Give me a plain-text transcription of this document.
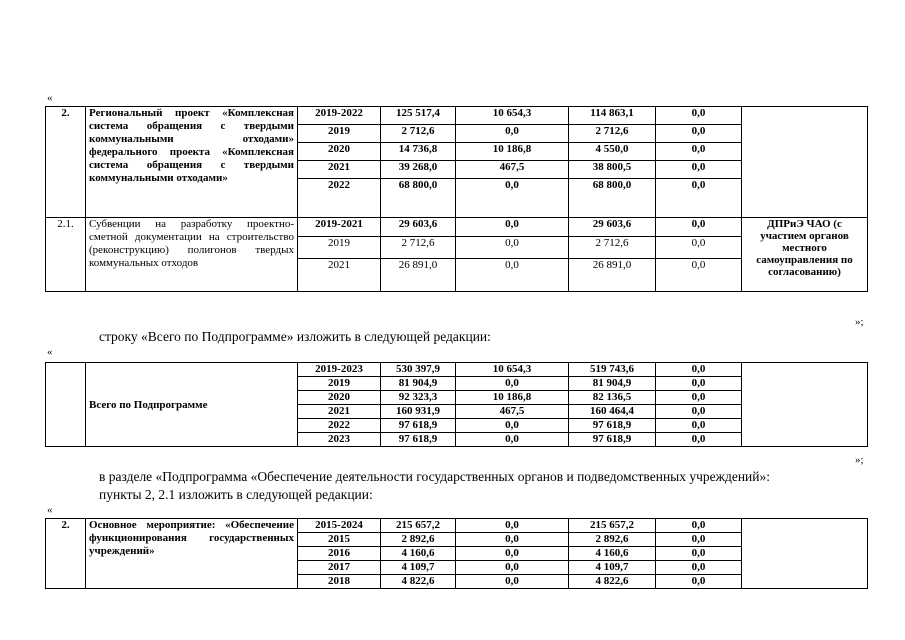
«
2.	Региональный проект «Комплексная система обращения с твердыми коммунальными отходами» федерального проекта «Комплексная система обращения с твердыми коммунальными отходами»	2019-2022	125 517,4	10 654,3	114 863,1	0,0	
		2019	2 712,6	0,0	2 712,6	0,0	
		2020	14 736,8	10 186,8	4 550,0	0,0	
		2021	39 268,0	467,5	38 800,5	0,0	
		2022	68 800,0	0,0	68 800,0	0,0	
2.1.	Субвенции на разработку проектно-сметной документации на строительство (реконструкцию) полигонов твердых коммунальных отходов	2019-2021	29 603,6	0,0	29 603,6	0,0	ДПРиЭ ЧАО (с участием органов местного самоуправления по согласованию)
		2019	2 712,6	0,0	2 712,6	0,0	
		2021	26 891,0	0,0	26 891,0	0,0	
»;
строку «Всего по Подпрограмме» изложить в следующей редакции:
«
	Всего по Подпрограмме	2019-2023	530 397,9	10 654,3	519 743,6	0,0	
		2019	81 904,9	0,0	81 904,9	0,0	
		2020	92 323,3	10 186,8	82 136,5	0,0	
		2021	160 931,9	467,5	160 464,4	0,0	
		2022	97 618,9	0,0	97 618,9	0,0	
		2023	97 618,9	0,0	97 618,9	0,0	
»;
в разделе «Подпрограмма «Обеспечение деятельности государственных органов и подведомственных учреждений»:
пункты 2, 2.1 изложить в следующей редакции:
«
2.	Основное мероприятие: «Обеспечение функционирования государственных учреждений»	2015-2024	215 657,2	0,0	215 657,2	0,0	
		2015	2 892,6	0,0	2 892,6	0,0	
		2016	4 160,6	0,0	4 160,6	0,0	
		2017	4 109,7	0,0	4 109,7	0,0	
		2018	4 822,6	0,0	4 822,6	0,0	
